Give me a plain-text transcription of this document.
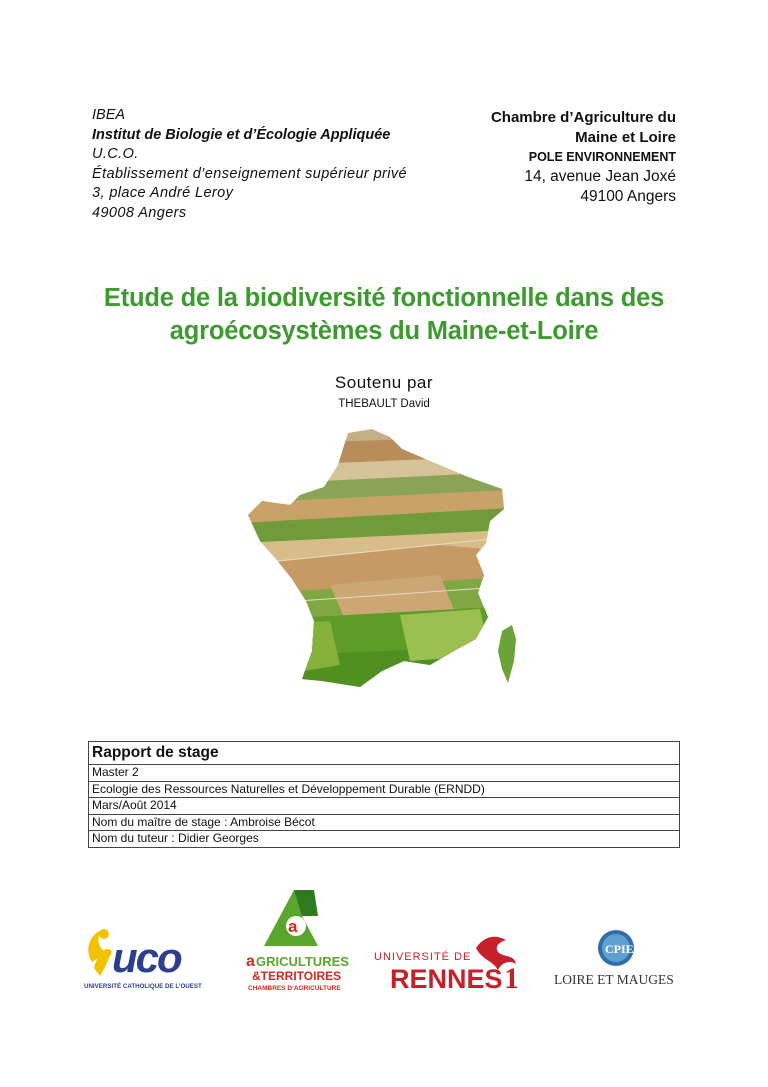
IBEA
Institut de Biologie et d’Écologie Appliquée
U.C.O.
Établissement d’enseignement supérieur privé
3, place André Leroy
49008 Angers
Chambre d’Agriculture du
Maine et Loire
POLE ENVIRONNEMENT
14, avenue Jean Joxé
49100 Angers
Etude de la biodiversité fonctionnelle dans des
agroécosystèmes du Maine-et-Loire
Soutenu par
THEBAULT David
Rapport de stage
Master 2
Ecologie des Ressources Naturelles et Développement Durable (ERNDD)
Mars/Août 2014
Nom du maître de stage : Ambroise Bécot
Nom du tuteur : Didier Georges
uco
UNIVERSITÉ CATHOLIQUE DE L’OUEST
a
a GRICULTURES
&TERRITOIRES
CHAMBRES D’AGRICULTURE
UNIVERSITÉ DE
RENNES 1
CPIE
LOIRE ET MAUGES
